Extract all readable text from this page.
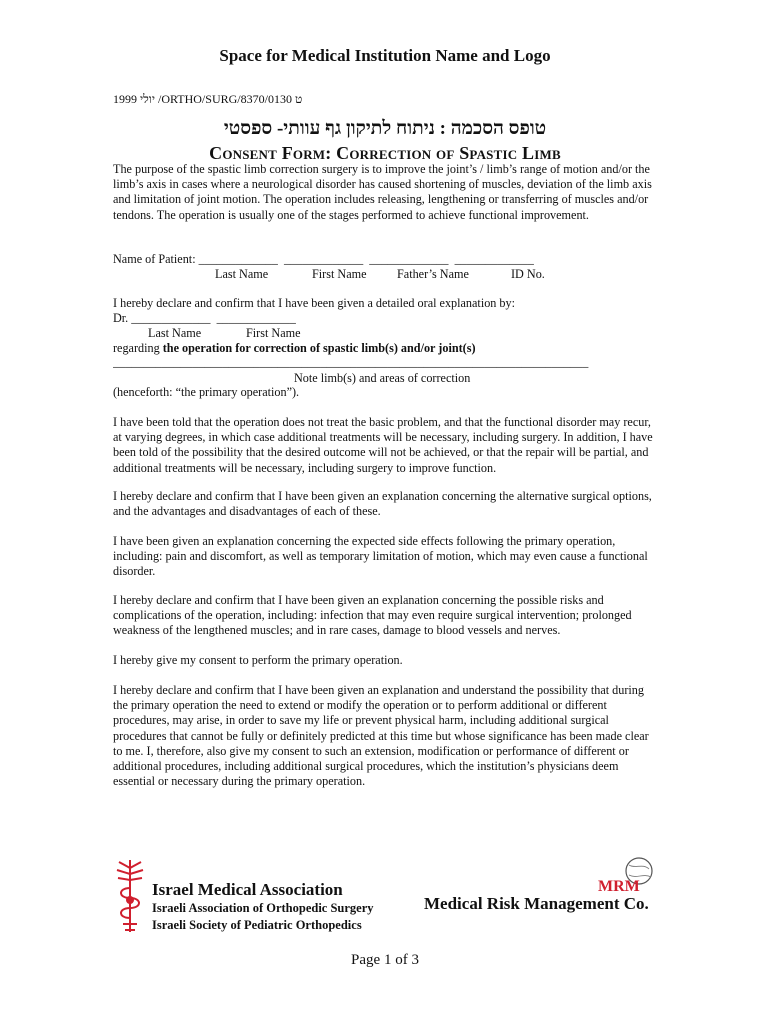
Space for Medical Institution Name and Logo
1999 יולי /ORTHO/SURG/8370/0130 ט
טופס הסכמה : ניתוח לתיקון גף עוותי- ספסטי
Consent Form: Correction of Spastic Limb

The purpose of the spastic limb correction surgery is to improve the joint’s / limb’s range of motion and/or the limb’s axis in cases where a neurological disorder has caused shortening of muscles, deviation of the limb axis and limitation of joint motion. The operation includes releasing, lengthening or transferring of muscles and/or tendons. The operation is usually one of the stages performed to achieve functional improvement.

Name of Patient: _____________  _____________  _____________  _____________
Last Name	First Name	Father’s Name	ID No.
I hereby declare and confirm that I have been given a detailed oral explanation by:
Dr. _____________  _____________
Last Name	First Name
regarding the operation for correction of spastic limb(s) and/or joint(s)
______________________________________________________________________________
Note limb(s) and areas of correction
(henceforth: “the primary operation”).
I have been told that the operation does not treat the basic problem, and that the functional disorder may recur, at varying degrees, in which case additional treatments will be necessary, including surgery. In addition, I have been told of the possibility that the desired outcome will not be achieved, or that the repair will be partial, and additional treatments will be necessary, including surgery to improve function.
I hereby declare and confirm that I have been given an explanation concerning the alternative surgical options, and the advantages and disadvantages of each of these.
I have been given an explanation concerning the expected side effects following the primary operation, including: pain and discomfort, as well as temporary limitation of motion, which may even cause a functional disorder.
I hereby declare and confirm that I have been given an explanation concerning the possible risks and complications of the operation, including: infection that may even require surgical intervention; prolonged weakness of the lengthened muscles; and in rare cases, damage to blood vessels and nerves.
I hereby give my consent to perform the primary operation.
I hereby declare and confirm that I have been given an explanation and understand the possibility that during the primary operation the need to extend or modify the operation or to perform additional or different procedures, may arise, in order to save my life or prevent physical harm, including additional surgical procedures that cannot be fully or definitely predicted at this time but whose significance has been made clear to me. I, therefore, also give my consent to such an extension, modification or performance of different or additional procedures, including additional surgical procedures, which the institution’s physicians deem essential or necessary during the primary operation.
Israel Medical Association
Israeli Association of Orthopedic Surgery
Israeli Society of Pediatric Orthopedics
MRM
Medical Risk Management Co.
Page 1 of 3
